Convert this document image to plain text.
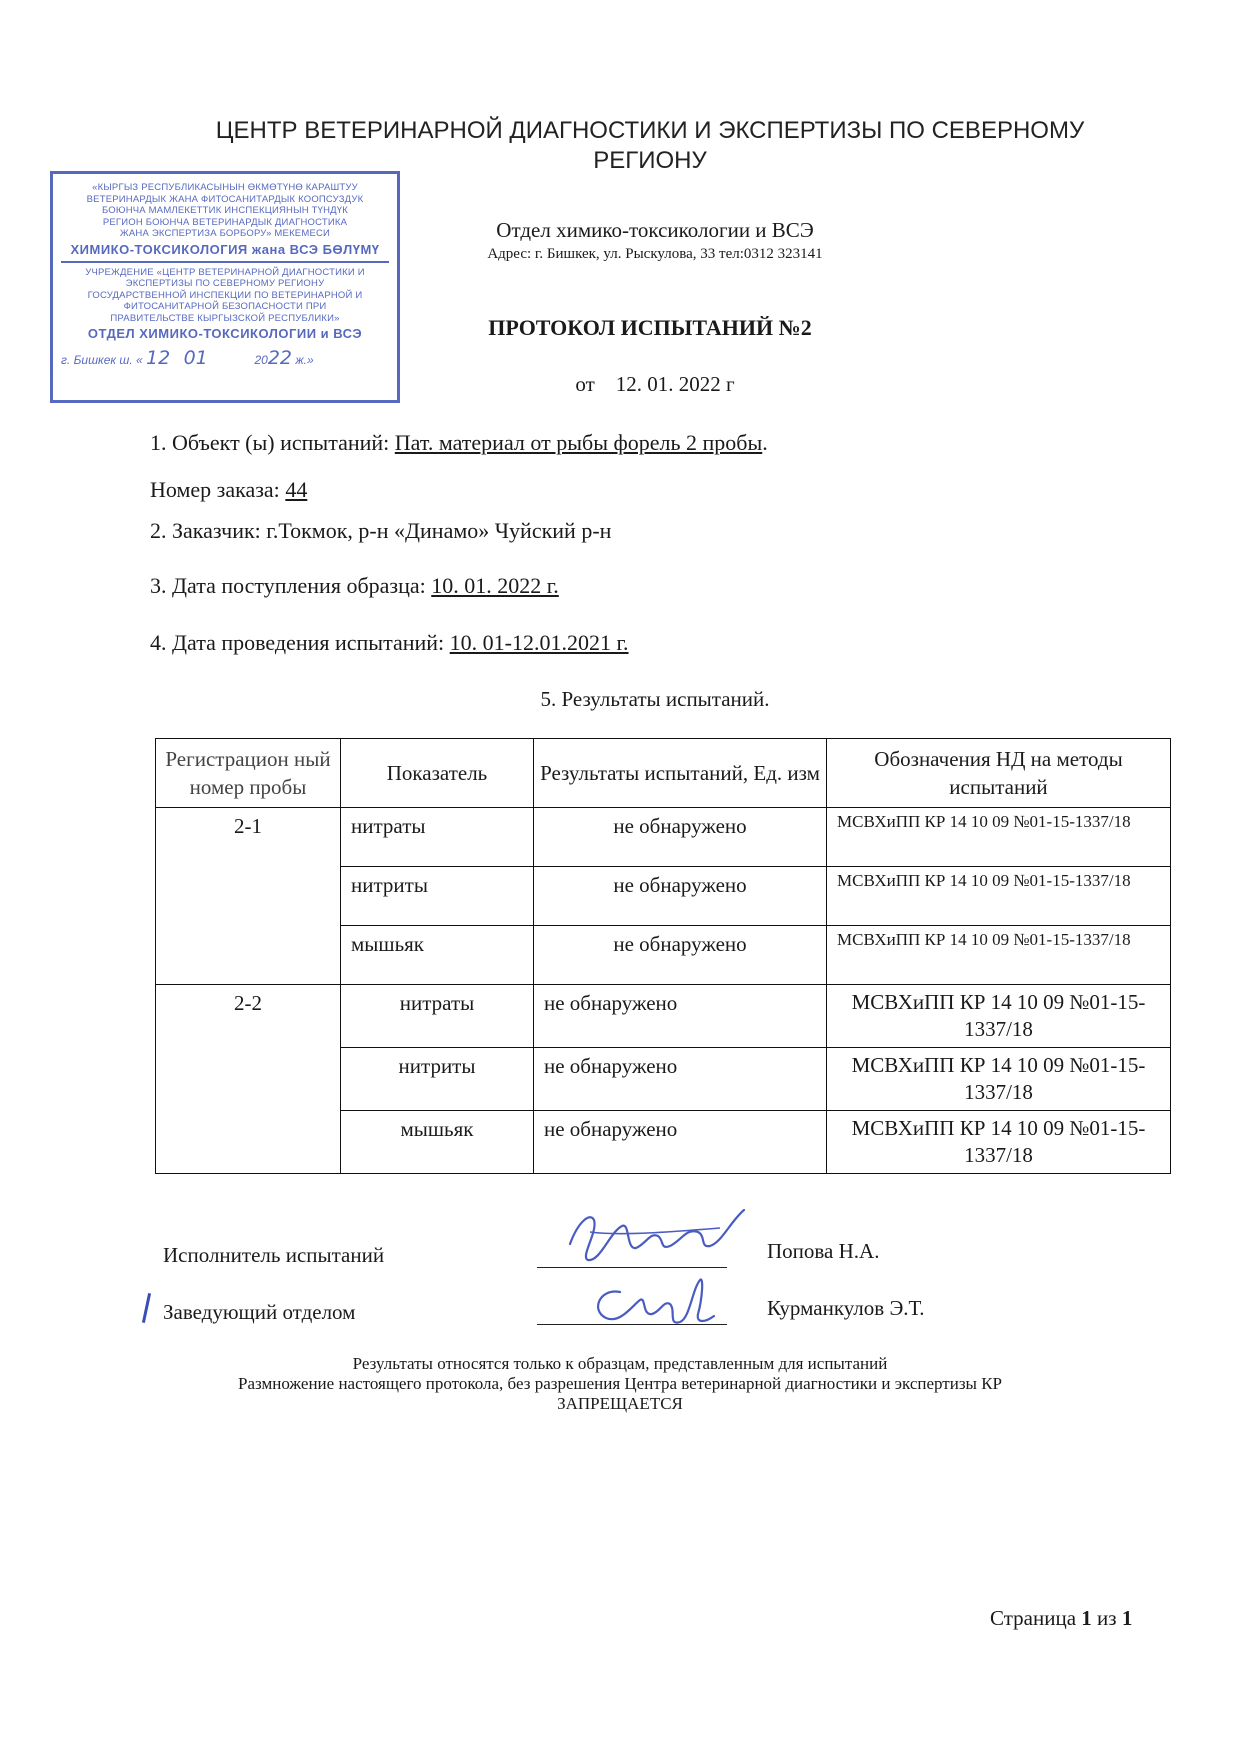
ЦЕНТР ВЕТЕРИНАРНОЙ ДИАГНОСТИКИ И ЭКСПЕРТИЗЫ ПО СЕВЕРНОМУ
РЕГИОНУ
«КЫРГЫЗ РЕСПУБЛИКАСЫНЫН ӨКМӨТҮНӨ КАРАШТУУ
ВЕТЕРИНАРДЫК ЖАНА ФИТОСАНИТАРДЫК КООПСУЗДУК
БОЮНЧА МАМЛЕКЕТТИК ИНСПЕКЦИЯНЫН ТҮНДҮК
РЕГИОН БОЮНЧА ВЕТЕРИНАРДЫК ДИАГНОСТИКА
ЖАНА ЭКСПЕРТИЗА БОРБОРУ» МЕКЕМЕСИ
ХИМИКО-ТОКСИКОЛОГИЯ жана ВСЭ БӨЛҮМҮ
УЧРЕЖДЕНИЕ «ЦЕНТР ВЕТЕРИНАРНОЙ ДИАГНОСТИКИ И
ЭКСПЕРТИЗЫ ПО СЕВЕРНОМУ РЕГИОНУ
ГОСУДАРСТВЕННОЙ ИНСПЕКЦИИ ПО ВЕТЕРИНАРНОЙ И
ФИТОСАНИТАРНОЙ БЕЗОПАСНОСТИ ПРИ
ПРАВИТЕЛЬСТВЕ КЫРГЫЗСКОЙ РЕСПУБЛИКИ»
ОТДЕЛ ХИМИКО-ТОКСИКОЛОГИИ и ВСЭ
г. Бишкек ш. « 12 01	2022 ж.»
Отдел химико-токсикологии и ВСЭ
Адрес: г. Бишкек, ул. Рыскулова, 33 тел:0312 323141
ПРОТОКОЛ ИСПЫТАНИЙ №2
от 12. 01. 2022 г
1. Объект (ы) испытаний: Пат. материал от рыбы форель 2 пробы.
Номер заказа: 44
2. Заказчик: г.Токмок, р-н «Динамо» Чуйский р-н
3. Дата поступления образца: 10. 01. 2022 г.
4. Дата проведения испытаний: 10. 01-12.01.2021 г.
5. Результаты испытаний.
Регистрацион ный номер пробы	Показатель	Результаты испытаний, Ед. изм	Обозначения НД на методы испытаний
2-1	нитраты	не обнаружено	МСВХиПП КР 14 10 09 №01-15-1337/18
	нитриты	не обнаружено	МСВХиПП КР 14 10 09 №01-15-1337/18
	мышьяк	не обнаружено	МСВХиПП КР 14 10 09 №01-15-1337/18
2-2	нитраты	не обнаружено	МСВХиПП КР 14 10 09 №01-15-1337/18
	нитриты	не обнаружено	МСВХиПП КР 14 10 09 №01-15-1337/18
	мышьяк	не обнаружено	МСВХиПП КР 14 10 09 №01-15-1337/18
Исполнитель испытаний	Попова Н.А.
Заведующий отделом	Курманкулов Э.Т.
Результаты относятся только к образцам, представленным для испытаний
Размножение настоящего протокола, без разрешения Центра ветеринарной диагностики и экспертизы КР
ЗАПРЕЩАЕТСЯ
Страница 1 из 1
